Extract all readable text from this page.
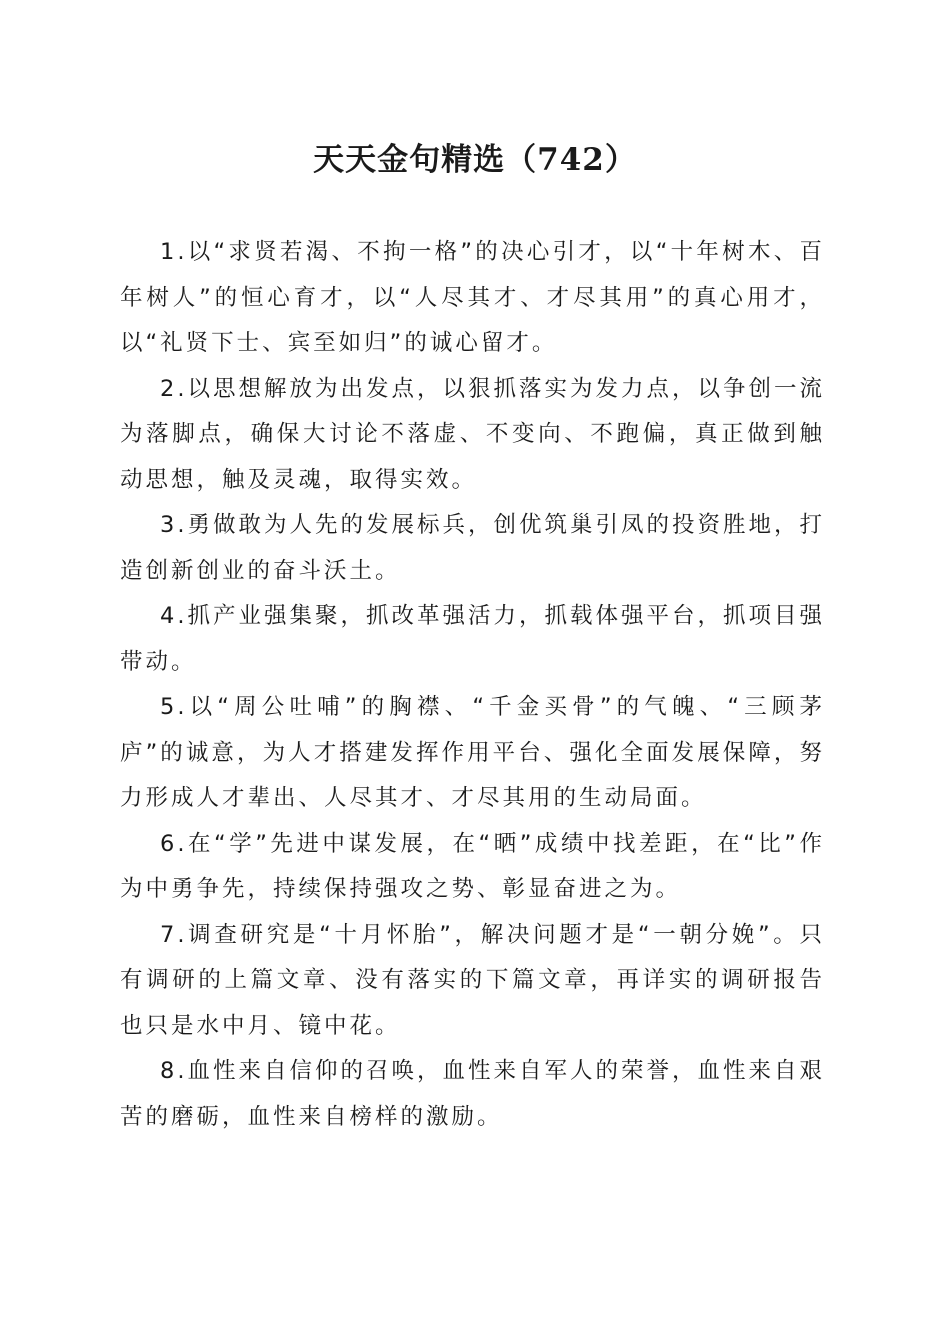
天天金句精选（742）

1.以“求贤若渴、不拘一格”的决心引才，以“十年树木、百年树人”的恒心育才，以“人尽其才、才尽其用”的真心用才，以“礼贤下士、宾至如归”的诚心留才。

2.以思想解放为出发点，以狠抓落实为发力点，以争创一流为落脚点，确保大讨论不落虚、不变向、不跑偏，真正做到触动思想，触及灵魂，取得实效。

3.勇做敢为人先的发展标兵，创优筑巢引凤的投资胜地，打造创新创业的奋斗沃土。

4.抓产业强集聚，抓改革强活力，抓载体强平台，抓项目强带动。

5.以“周公吐哺”的胸襟、“千金买骨”的气魄、“三顾茅庐”的诚意，为人才搭建发挥作用平台、强化全面发展保障，努力形成人才辈出、人尽其才、才尽其用的生动局面。

6.在“学”先进中谋发展，在“晒”成绩中找差距，在“比”作为中勇争先，持续保持强攻之势、彰显奋进之为。

7.调查研究是“十月怀胎”，解决问题才是“一朝分娩”。只有调研的上篇文章、没有落实的下篇文章，再详实的调研报告也只是水中月、镜中花。

8.血性来自信仰的召唤，血性来自军人的荣誉，血性来自艰苦的磨砺，血性来自榜样的激励。
